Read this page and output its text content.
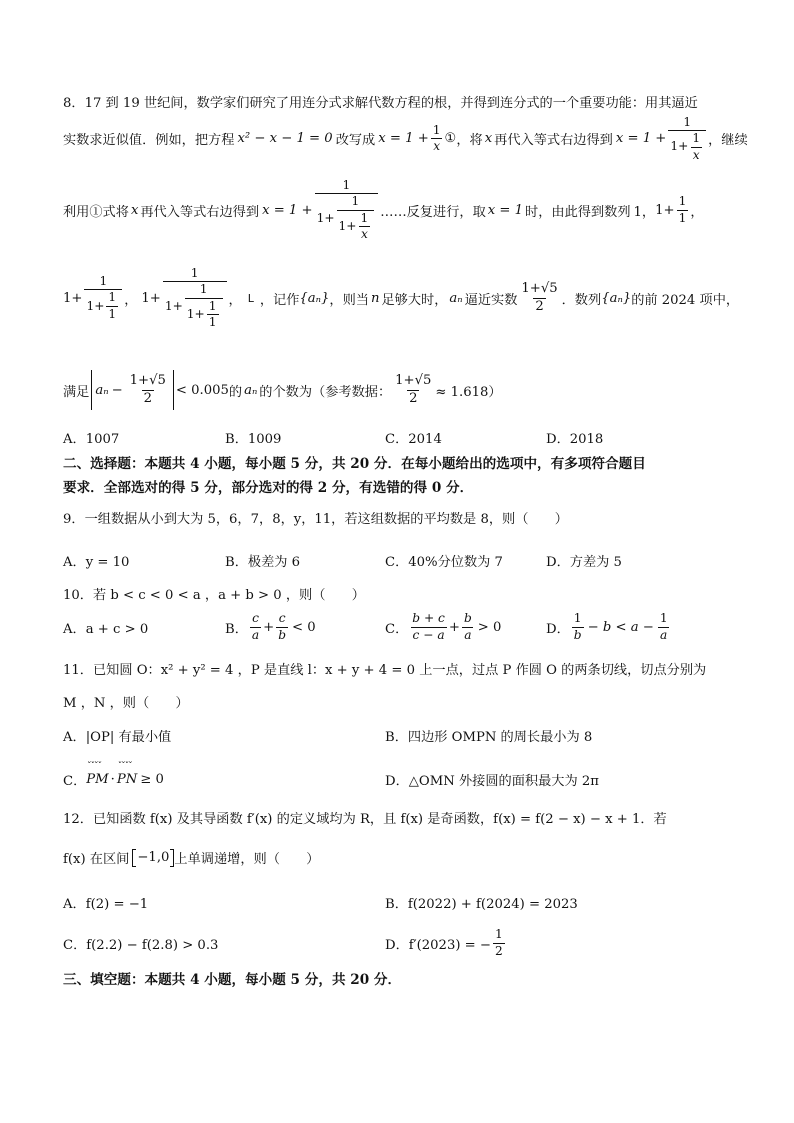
8．17 到 19 世纪间，数学家们研究了用连分式求解代数方程的根，并得到连分式的一个重要功能：用其逼近
实数求近似值．例如，把方程 x² − x − 1 = 0 改写成 $x = 1 + \frac{1}{x}$ ① ，将 x 再代入等式右边得到 $x = 1 + \frac{1}{1+ \frac{1}{x}}$ ，继续
利用①式将 x 再代入等式右边得到 x = 1 +
1
$1+ \frac{1}{1+ \frac{1}{x}}$ ……反复进行，取 x = 1 时，由此得到数列 1， $1+ \frac{1}{1}$ ，
$1+ \frac{1}{1+ \frac{1}{1}}$ ， 1+
1
$1+ \frac{1}{1+ \frac{1}{1}}$ ， L ，记作 {aₙ} ，则当 n 足够大时， aₙ 逼近实数 $\frac{1+√5}{2}$ ．数列 {aₙ} 的前 2024 项中，
满足 $a_n - \frac{1+√5}{2} < 0.005$ 的 aₙ 的个数为（参考数据： $\frac{1+√5}{2} \approx 1.618$）
A．1007	B．1009	C．2014	D．2018
二、选择题：本题共 4 小题，每小题 5 分，共 20 分．在每小题给出的选项中，有多项符合题目
要求．全部选对的得 5 分，部分选对的得 2 分，有选错的得 0 分．
9．一组数据从小到大为 5，6，7，8，y，11，若这组数据的平均数是 8，则（　　）
A．y = 10	B．极差为 6	C．40%分位数为 7	D．方差为 5
10．若 b < c < 0 < a ，a + b > 0 ，则（　　）
A．a + c > 0	B． $\frac{c}{a} + \frac{c}{b} < 0$	C． $\frac{b + c}{c - a} + \frac{b}{a} > 0$	D． $\frac{1}{b} - b < a - \frac{1}{a}$
11．已知圆 O：x² + y² = 4 ，P 是直线 l：x + y + 4 = 0 上一点，过点 P 作圆 O 的两条切线，切点分别为
M ，N ，则（　　）
A．|OP| 有最小值	B．四边形 OMPN 的周长最小为 8
C． ˇˇˇˇ PM · ˇˇˇˇ PN ≥ 0	D．△OMN 外接圆的面积最大为 2π
12．已知函数 f(x) 及其导函数 f′(x) 的定义域均为 R，且 f(x) 是奇函数，f(x) = f(2 − x) − x + 1．若
f(x) 在区间 −1,0 上单调递增，则（　　）
A．f(2) = −1	B．f(2022) + f(2024) = 2023
C．f(2.2) − f(2.8) > 0.3	D．f′(2023) = − $\frac{1}{2}$
三、填空题：本题共 4 小题，每小题 5 分，共 20 分．
